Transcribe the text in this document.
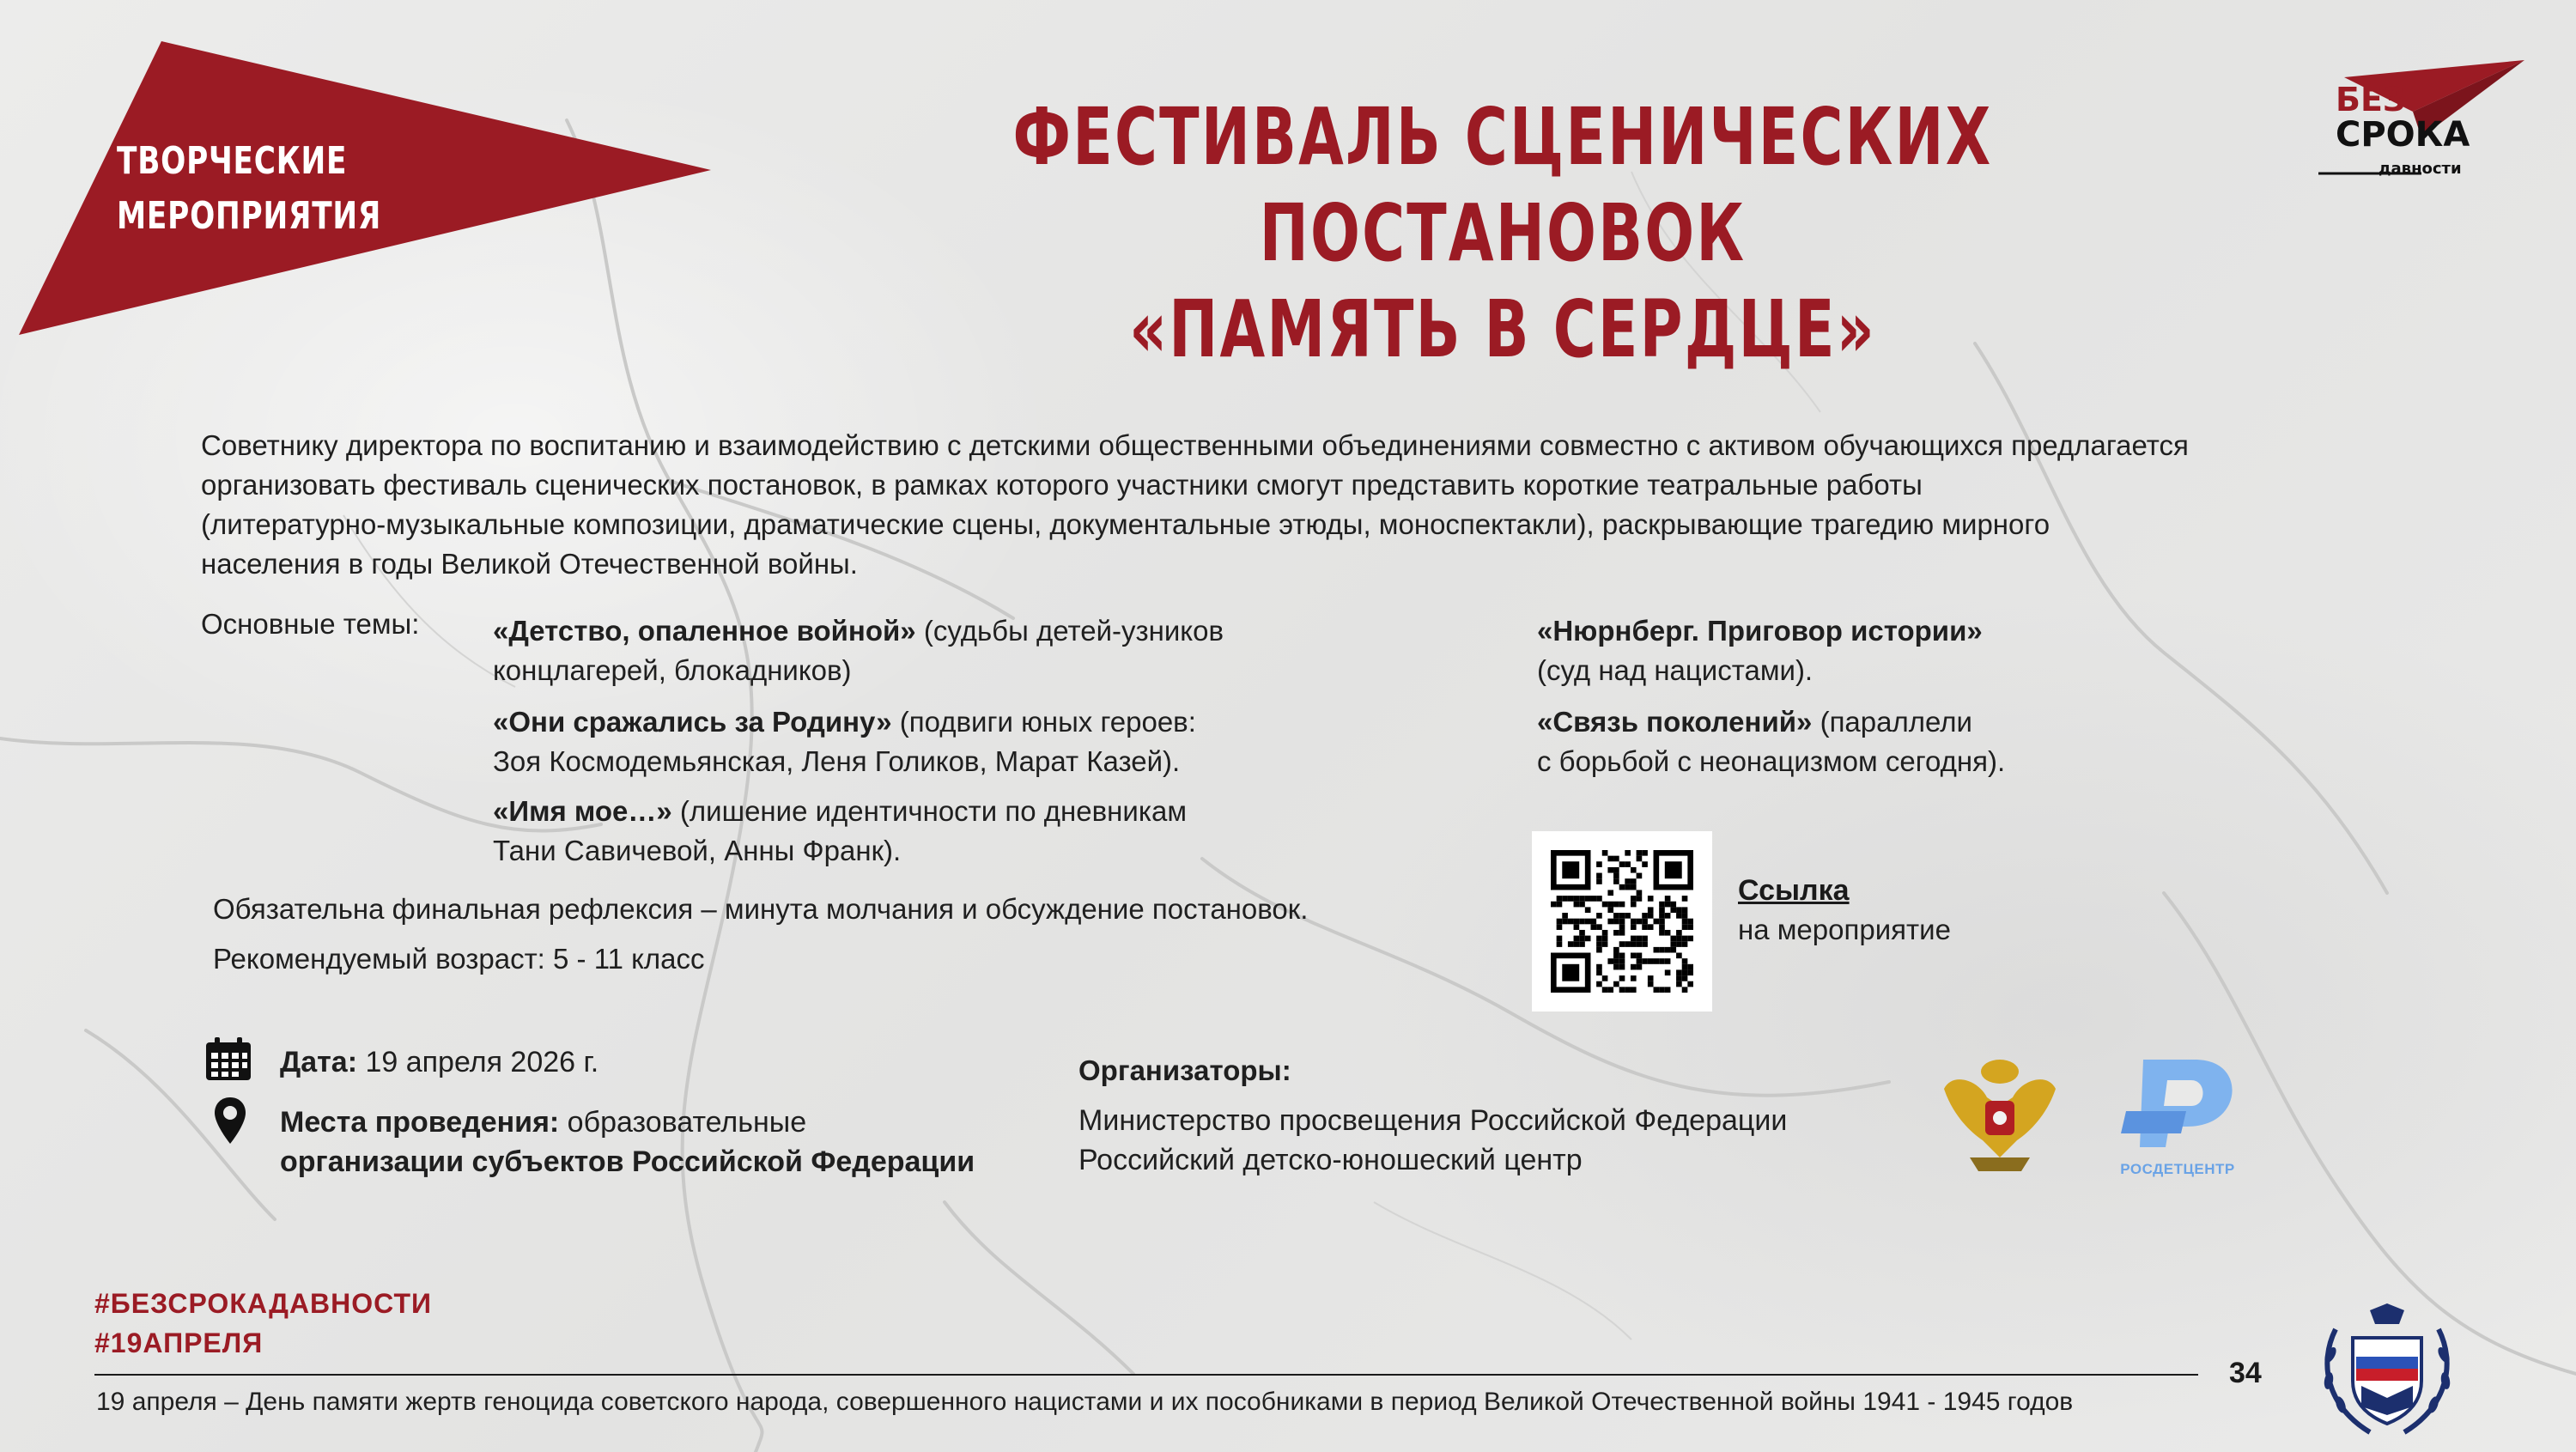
ТВОРЧЕСКИЕ
МЕРОПРИЯТИЯ
ФЕСТИВАЛЬ СЦЕНИЧЕСКИХ ПОСТАНОВОК
«ПАМЯТЬ В СЕРДЦЕ»
БЕЗ
СРОКА
давности
Советнику директора по воспитанию и взаимодействию с детскими общественными объединениями совместно с активом обучающихся предлагается
организовать фестиваль сценических постановок, в рамках которого участники смогут представить короткие театральные работы
(литературно-музыкальные композиции, драматические сцены, документальные этюды, моноспектакли), раскрывающие трагедию мирного
населения в годы Великой Отечественной войны.
Основные темы:	«Детство, опаленное войной» (судьбы детей-узников
концлагерей, блокадников)
«Они сражались за Родину» (подвиги юных героев:
Зоя Космодемьянская, Леня Голиков, Марат Казей).
«Имя мое…» (лишение идентичности по дневникам
Тани Савичевой, Анны Франк).
«Нюрнберг. Приговор истории»
(суд над нацистами).
«Связь поколений» (параллели
с борьбой с неонацизмом сегодня).
Обязательна финальная рефлексия – минута молчания и обсуждение постановок.
Рекомендуемый возраст: 5 - 11 класс
Ссылка
на мероприятие
Дата: 19 апреля 2026 г.
Места проведения: образовательные
организации субъектов Российской Федерации
Организаторы:
Министерство просвещения Российской Федерации
Российский детско-юношеский центр	РОСДЕТЦЕНТР
#БЕЗСРОКАДАВНОСТИ
#19АПРЕЛЯ
19 апреля – День памяти жертв геноцида советского народа, совершенного нацистами и их пособниками в период Великой Отечественной войны 1941 - 1945 годов
34
